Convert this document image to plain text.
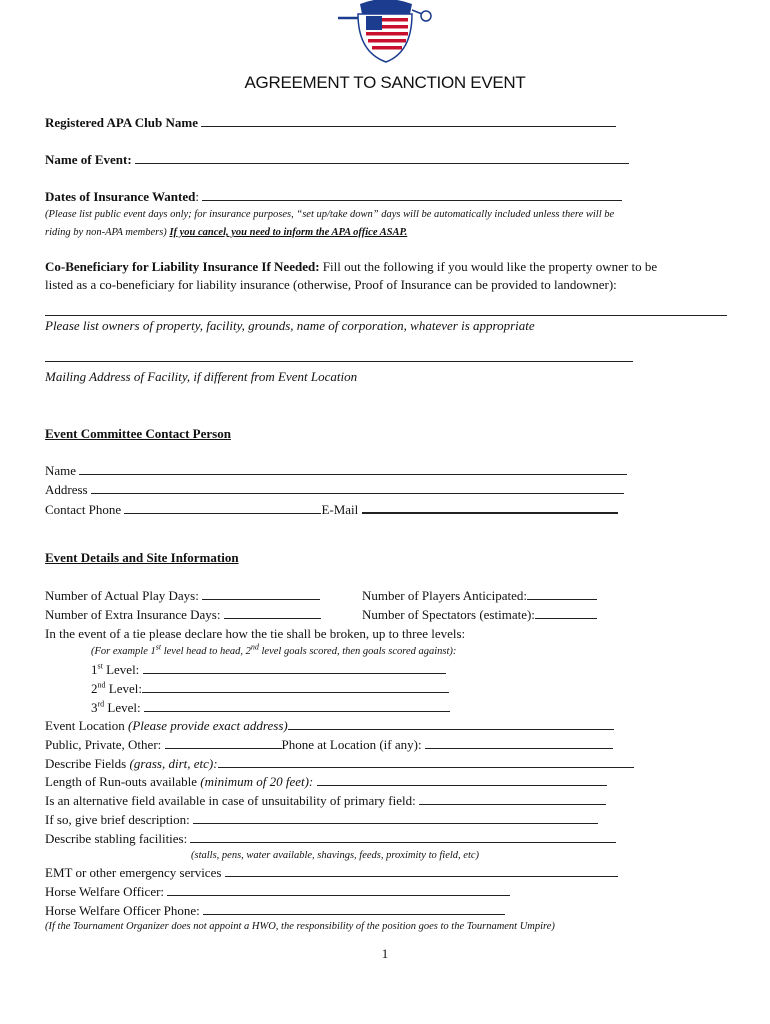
AGREEMENT TO SANCTION EVENT
Registered APA Club Name
Name of Event:
Dates of Insurance Wanted:
(Please list public event days only; for insurance purposes, “set up/take down” days will be automatically included unless there will be
riding by non-APA members) If you cancel, you need to inform the APA office ASAP.
Co-Beneficiary for Liability Insurance If Needed: Fill out the following if you would like the property owner to be
listed as a co-beneficiary for liability insurance (otherwise, Proof of Insurance can be provided to landowner):
Please list owners of property, facility, grounds, name of corporation, whatever is appropriate
Mailing Address of Facility, if different from Event Location
Event Committee Contact Person
Name
Address
Contact Phone	E-Mail
Event Details and Site Information
Number of Actual Play Days:	Number of Players Anticipated:
Number of Extra Insurance Days:	Number of Spectators (estimate):
In the event of a tie please declare how the tie shall be broken, up to three levels:
(For example 1st level head to head, 2nd level goals scored, then goals scored against):
1st Level:
2nd Level:
3rd Level:
Event Location (Please provide exact address)
Public, Private, Other:	Phone at Location (if any):
Describe Fields (grass, dirt, etc):
Length of Run-outs available (minimum of 20 feet):
Is an alternative field available in case of unsuitability of primary field:
If so, give brief description:
Describe stabling facilities:
(stalls, pens, water available, shavings, feeds, proximity to field, etc)
EMT or other emergency services
Horse Welfare Officer:
Horse Welfare Officer Phone:
(If the Tournament Organizer does not appoint a HWO, the responsibility of the position goes to the Tournament Umpire)
1
